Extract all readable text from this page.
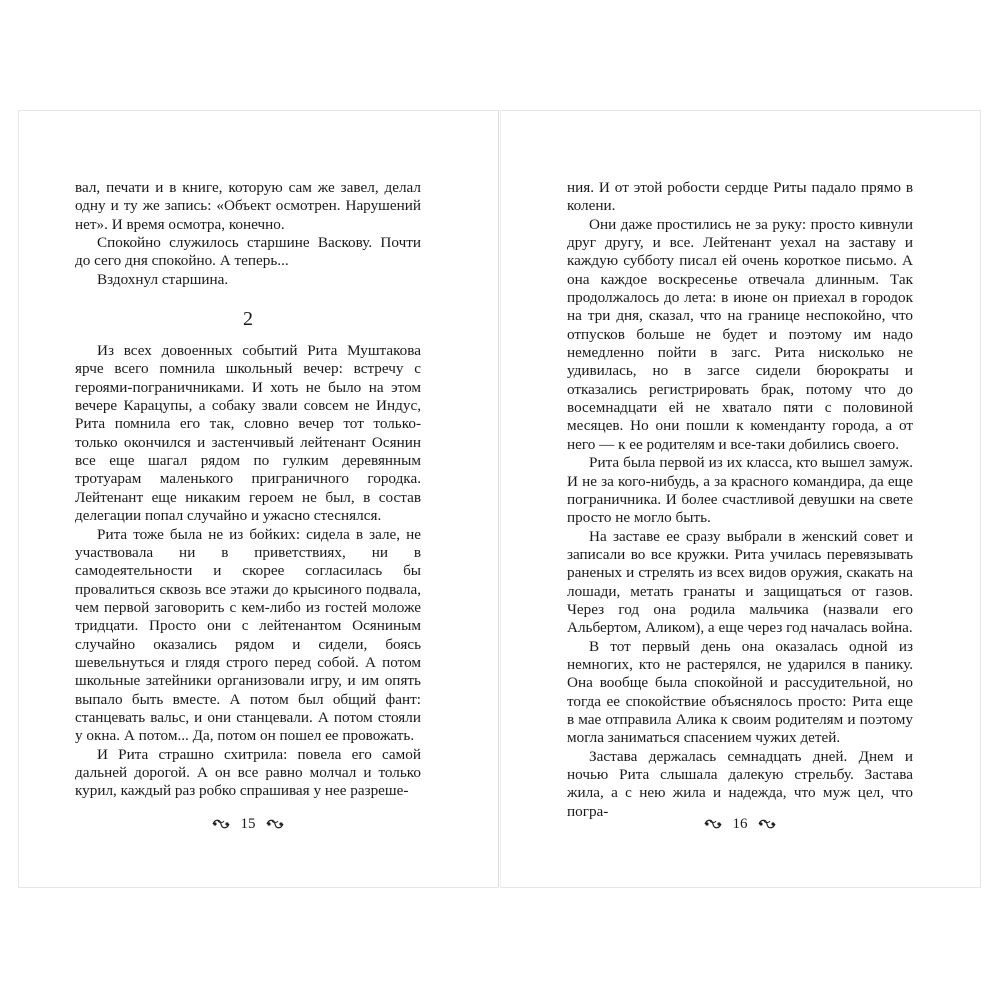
вал, печати и в книге, которую сам же завел, делал одну и ту же запись: «Объект осмотрен. Нарушений нет». И время осмотра, конечно.

Спокойно служилось старшине Васкову. Почти до сего дня спокойно. А теперь...

Вздохнул старшина.

2

Из всех довоенных событий Рита Муштакова ярче всего помнила школьный вечер: встречу с героями-пограничниками. И хоть не было на этом вечере Карацупы, а собаку звали совсем не Индус, Рита помнила его так, словно вечер тот только-только окончился и застенчивый лейтенант Осянин все еще шагал рядом по гулким деревянным тротуарам маленького приграничного городка. Лейтенант еще никаким героем не был, в состав делегации попал случайно и ужасно стеснялся.

Рита тоже была не из бойких: сидела в зале, не участвовала ни в приветствиях, ни в самодеятельности и скорее согласилась бы провалиться сквозь все этажи до крысиного подвала, чем первой заговорить с кем-либо из гостей моложе тридцати. Просто они с лейтенантом Осяниным случайно оказались рядом и сидели, боясь шевельнуться и глядя строго перед собой. А потом школьные затейники организовали игру, и им опять выпало быть вместе. А потом был общий фант: станцевать вальс, и они станцевали. А потом стояли у окна. А потом... Да, потом он пошел ее провожать.

И Рита страшно схитрила: повела его самой дальней дорогой. А он все равно молчал и только курил, каждый раз робко спрашивая у нее разреше-

15

ния. И от этой робости сердце Риты падало прямо в колени.

Они даже простились не за руку: просто кивнули друг другу, и все. Лейтенант уехал на заставу и каждую субботу писал ей очень короткое письмо. А она каждое воскресенье отвечала длинным. Так продолжалось до лета: в июне он приехал в городок на три дня, сказал, что на границе неспокойно, что отпусков больше не будет и поэтому им надо немедленно пойти в загс. Рита нисколько не удивилась, но в загсе сидели бюрократы и отказались регистрировать брак, потому что до восемнадцати ей не хватало пяти с половиной месяцев. Но они пошли к коменданту города, а от него — к ее родителям и все-таки добились своего.

Рита была первой из их класса, кто вышел замуж. И не за кого-нибудь, а за красного командира, да еще пограничника. И более счастливой девушки на свете просто не могло быть.

На заставе ее сразу выбрали в женский совет и записали во все кружки. Рита училась перевязывать раненых и стрелять из всех видов оружия, скакать на лошади, метать гранаты и защищаться от газов. Через год она родила мальчика (назвали его Альбертом, Аликом), а еще через год началась война.

В тот первый день она оказалась одной из немногих, кто не растерялся, не ударился в панику. Она вообще была спокойной и рассудительной, но тогда ее спокойствие объяснялось просто: Рита еще в мае отправила Алика к своим родителям и поэтому могла заниматься спасением чужих детей.

Застава держалась семнадцать дней. Днем и ночью Рита слышала далекую стрельбу. Застава жила, а с нею жила и надежда, что муж цел, что погра-

16
